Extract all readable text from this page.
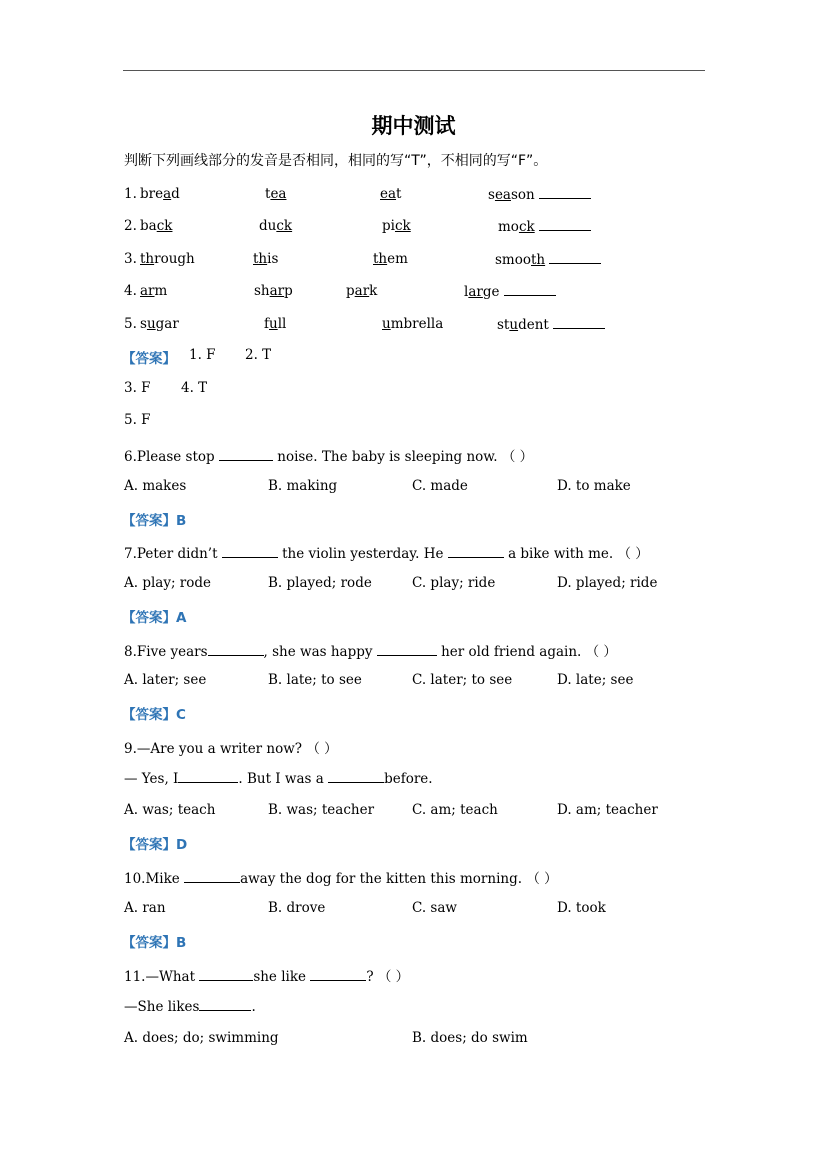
期中测试
判断下列画线部分的发音是否相同，相同的写“T”，不相同的写“F”。
1. bread	tea	eat	season
2. back	duck	pick	mock
3. through	this	them	smooth
4. arm	sharp	park	large
5. sugar	full	umbrella	student
【答案】 1. F 2. T
3. F 4. T
5. F
6.Please stop	noise. The baby is sleeping now. （ ）
A. makes	B. making	C. made	D. to make
【答案】B
7.Peter didn’t	the violin yesterday. He	a bike with me. （ ）
A. play; rode	B. played; rode	C. play; ride	D. played; ride
【答案】A
8.Five years	, she was happy	her old friend again. （ ）
A. later; see	B. late; to see	C. later; to see	D. late; see
【答案】C
9.—Are you a writer now? （ ）
— Yes, I	. But I was a	before.
A. was; teach	B. was; teacher	C. am; teach	D. am; teacher
【答案】D
10.Mike	away the dog for the kitten this morning. （ ）
A. ran	B. drove	C. saw	D. took
【答案】B
11.—What	she like	? （ ）
—She likes	.
A. does; do; swimming	B. does; do swim
